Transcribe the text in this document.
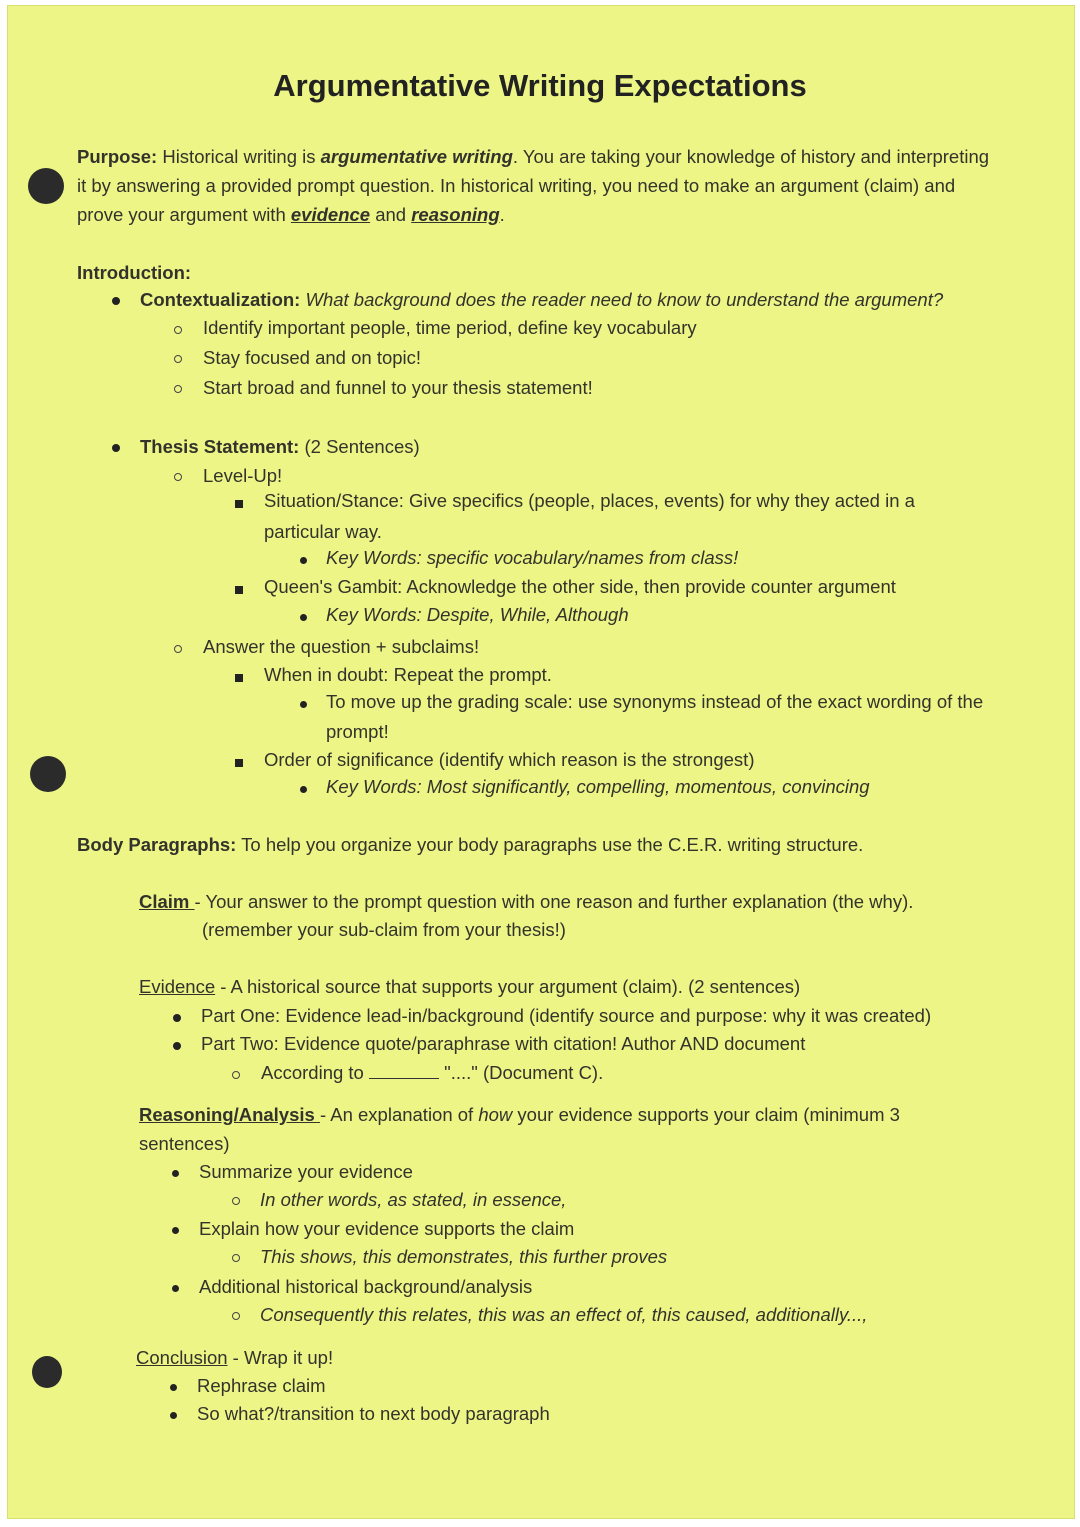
Argumentative Writing Expectations
Purpose: Historical writing is argumentative writing. You are taking your knowledge of history and interpreting
it by answering a provided prompt question. In historical writing, you need to make an argument (claim) and
prove your argument with evidence and reasoning.
Introduction:
Contextualization: What background does the reader need to know to understand the argument?
Identify important people, time period, define key vocabulary
Stay focused and on topic!
Start broad and funnel to your thesis statement!
Thesis Statement: (2 Sentences)
Level-Up!
Situation/Stance: Give specifics (people, places, events) for why they acted in a
particular way.
Key Words: specific vocabulary/names from class!
Queen's Gambit: Acknowledge the other side, then provide counter argument
Key Words: Despite, While, Although
Answer the question + subclaims!
When in doubt: Repeat the prompt.
To move up the grading scale: use synonyms instead of the exact wording of the
prompt!
Order of significance (identify which reason is the strongest)
Key Words: Most significantly, compelling, momentous, convincing
Body Paragraphs: To help you organize your body paragraphs use the C.E.R. writing structure.
Claim - Your answer to the prompt question with one reason and further explanation (the why).
(remember your sub-claim from your thesis!)
Evidence - A historical source that supports your argument (claim). (2 sentences)
Part One: Evidence lead-in/background (identify source and purpose: why it was created)
Part Two: Evidence quote/paraphrase with citation! Author AND document
According to	"...." (Document C).
Reasoning/Analysis - An explanation of how your evidence supports your claim (minimum 3
sentences)
Summarize your evidence
In other words, as stated, in essence,
Explain how your evidence supports the claim
This shows, this demonstrates, this further proves
Additional historical background/analysis
Consequently this relates, this was an effect of, this caused, additionally...,
Conclusion - Wrap it up!
Rephrase claim
So what?/transition to next body paragraph
